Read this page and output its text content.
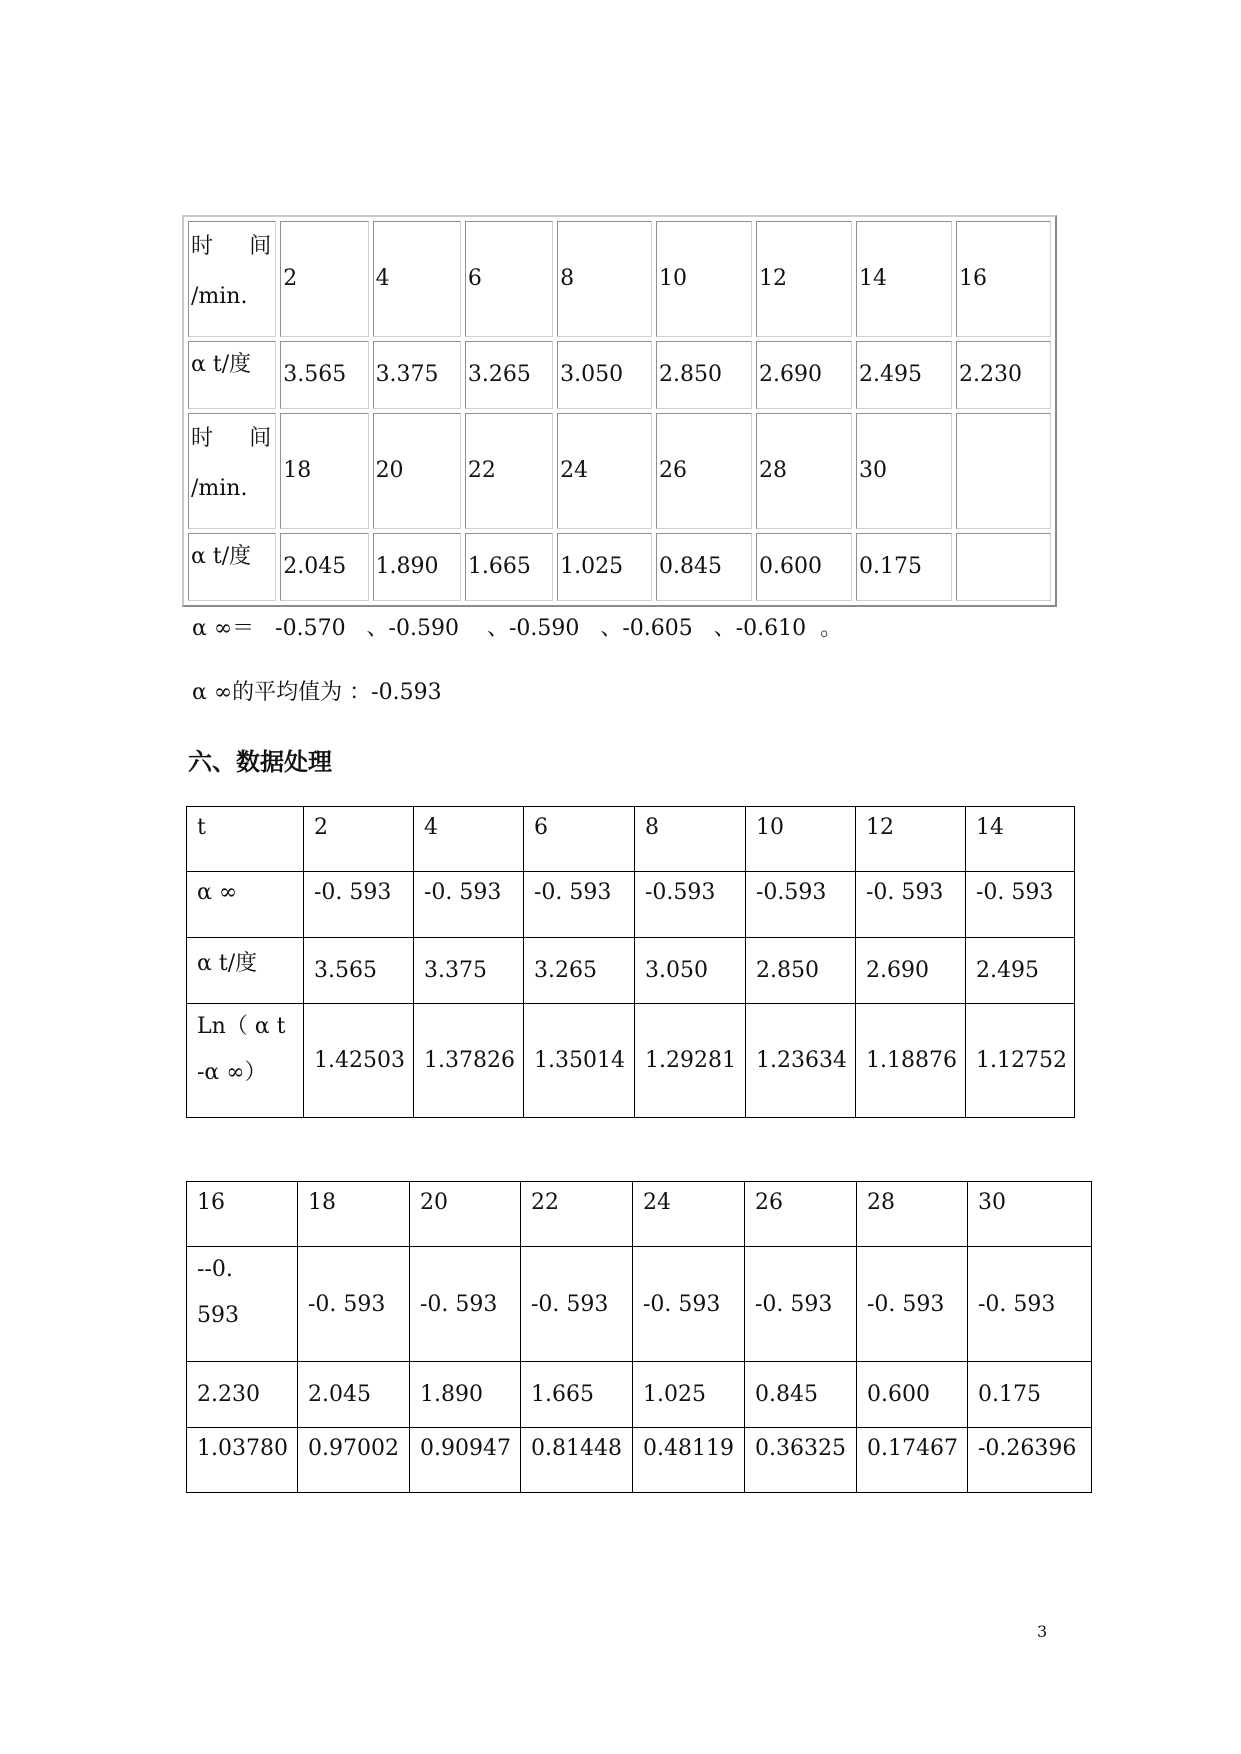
时 间
/min.	2	4	6	8	10	12	14	16
α t/度	3.565	3.375	3.265	3.050	2.850	2.690	2.495	2.230

时 间
/min.	18	20	22	24	26	28	30	
α t/度	2.045	1.890	1.665	1.025	0.845	0.600	0.175	
α ∞＝   -0.570   、-0.590    、-0.590   、-0.605   、-0.610  。
α ∞的平均值为 ：-0.593
六、数据处理
t	2	4	6	8	10	12	14
α ∞	-0. 593	-0. 593	-0. 593	-0.593	-0.593	-0. 593	-0. 593
α t/度	3.565	3.375	3.265	3.050	2.850	2.690	2.495

Ln（ α t
-α ∞）	1.42503	1.37826	1.35014	1.29281	1.23634	1.18876	1.12752
16	18	20	22	24	26	28	30

--0.
593	-0. 593	-0. 593	-0. 593	-0. 593	-0. 593	-0. 593	-0. 593
2.230	2.045	1.890	1.665	1.025	0.845	0.600	0.175
1.03780	0.97002	0.90947	0.81448	0.48119	0.36325	0.17467	-0.26396
3
